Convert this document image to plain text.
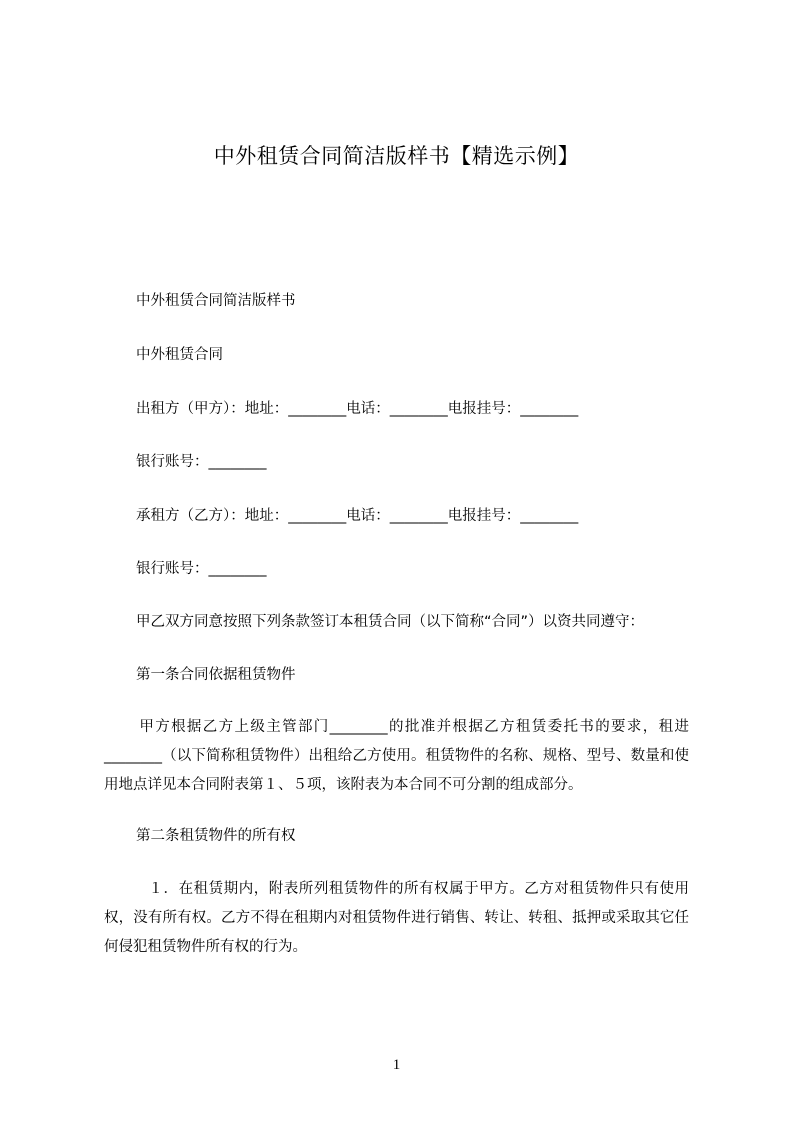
中外租赁合同简洁版样书【精选示例】

中外租赁合同简洁版样书

中外租赁合同

出租方（甲方）：地址：________电话：________电报挂号：________

银行账号：________

承租方（乙方）：地址：________电话：________电报挂号：________

银行账号：________

甲乙双方同意按照下列条款签订本租赁合同（以下简称“合同”）以资共同遵守：

第一条合同依据租赁物件

甲方根据乙方上级主管部门________的批准并根据乙方租赁委托书的要求，租进________（以下简称租赁物件）出租给乙方使用。租赁物件的名称、规格、型号、数量和使用地点详见本合同附表第１、５项，该附表为本合同不可分割的组成部分。

第二条租赁物件的所有权

１．在租赁期内，附表所列租赁物件的所有权属于甲方。乙方对租赁物件只有使用权，没有所有权。乙方不得在租期内对租赁物件进行销售、转让、转租、抵押或采取其它任何侵犯租赁物件所有权的行为。

1
